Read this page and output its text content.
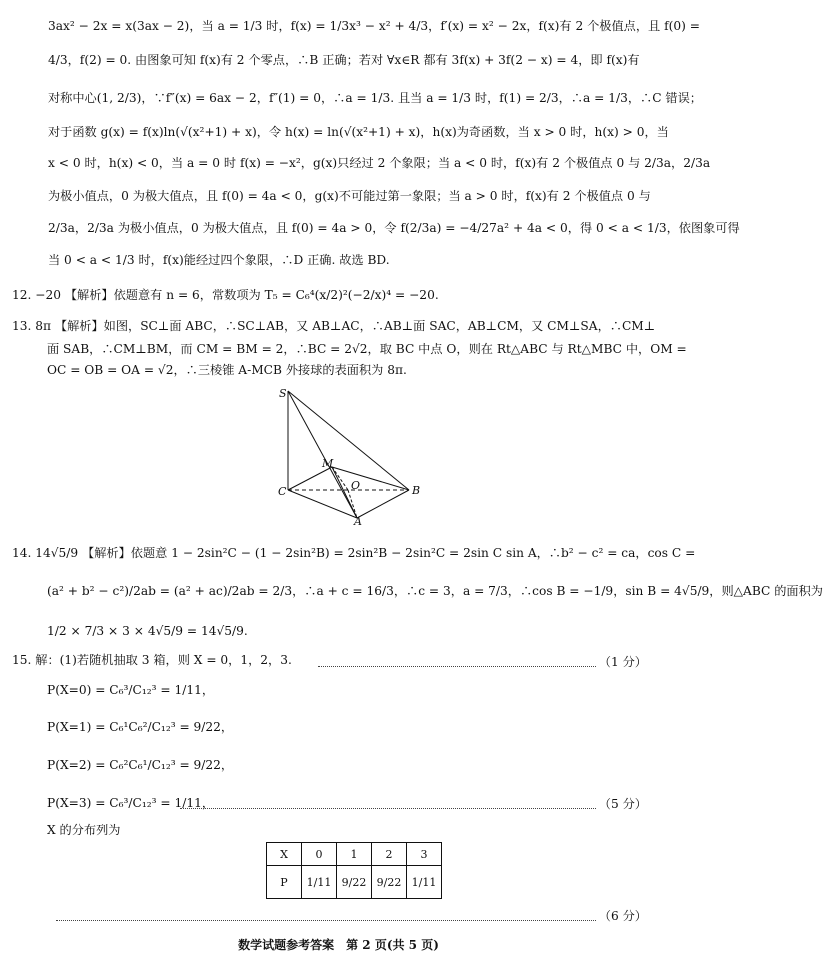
3ax² − 2x = x(3ax − 2)，当 a = 1/3 时，f(x) = 1/3x³ − x² + 4/3，f′(x) = x² − 2x，f(x)有 2 个极值点，且 f(0) =
4/3，f(2) = 0. 由图象可知 f(x)有 2 个零点，∴B 正确；若对 ∀x∈R 都有 3f(x) + 3f(2 − x) = 4，即 f(x)有
对称中心(1, 2/3)，∵f″(x) = 6ax − 2，f″(1) = 0，∴a = 1/3. 且当 a = 1/3 时，f(1) = 2/3，∴a = 1/3，∴C 错误；
对于函数 g(x) = f(x)ln(√(x²+1) + x)，令 h(x) = ln(√(x²+1) + x)，h(x)为奇函数，当 x > 0 时，h(x) > 0，当
x < 0 时，h(x) < 0，当 a = 0 时 f(x) = −x²，g(x)只经过 2 个象限；当 a < 0 时，f(x)有 2 个极值点 0 与 2/3a，2/3a
为极小值点，0 为极大值点，且 f(0) = 4a < 0，g(x)不可能过第一象限；当 a > 0 时，f(x)有 2 个极值点 0 与
2/3a，2/3a 为极小值点，0 为极大值点，且 f(0) = 4a > 0，令 f(2/3a) = −4/27a² + 4a < 0，得 0 < a < 1/3，依图象可得
当 0 < a < 1/3 时，f(x)能经过四个象限，∴D 正确. 故选 BD.
12. −20 【解析】依题意有 n = 6，常数项为 T₅ = C₆⁴(x/2)²(−2/x)⁴ = −20.
13. 8π 【解析】如图，SC⊥面 ABC，∴SC⊥AB，又 AB⊥AC，∴AB⊥面 SAC，AB⊥CM，又 CM⊥SA，∴CM⊥
面 SAB，∴CM⊥BM，而 CM = BM = 2，∴BC = 2√2，取 BC 中点 O，则在 Rt△ABC 与 Rt△MBC 中，OM =
OC = OB = OA = √2，∴三棱锥 A-MCB 外接球的表面积为 8π.
S
C
M
O	B
A
14. 14√5/9 【解析】依题意 1 − 2sin²C − (1 − 2sin²B) = 2sin²B − 2sin²C = 2sin C sin A，∴b² − c² = ca，cos C =
(a² + b² − c²)/2ab = (a² + ac)/2ab = 2/3，∴a + c = 16/3，∴c = 3，a = 7/3，∴cos B = −1/9，sin B = 4√5/9，则△ABC 的面积为
1/2 × 7/3 × 3 × 4√5/9 = 14√5/9.
15. 解：(1)若随机抽取 3 箱，则 X = 0，1，2，3.	（1 分）
P(X=0) = C₆³/C₁₂³ = 1/11，
P(X=1) = C₆¹C₆²/C₁₂³ = 9/22，
P(X=2) = C₆²C₆¹/C₁₂³ = 9/22，
P(X=3) = C₆³/C₁₂³ = 1/11，	（5 分）
X 的分布列为
X	0	1	2	3
P	1/11	9/22	9/22	1/11
（6 分）
数学试题参考答案　第 2 页(共 5 页)
